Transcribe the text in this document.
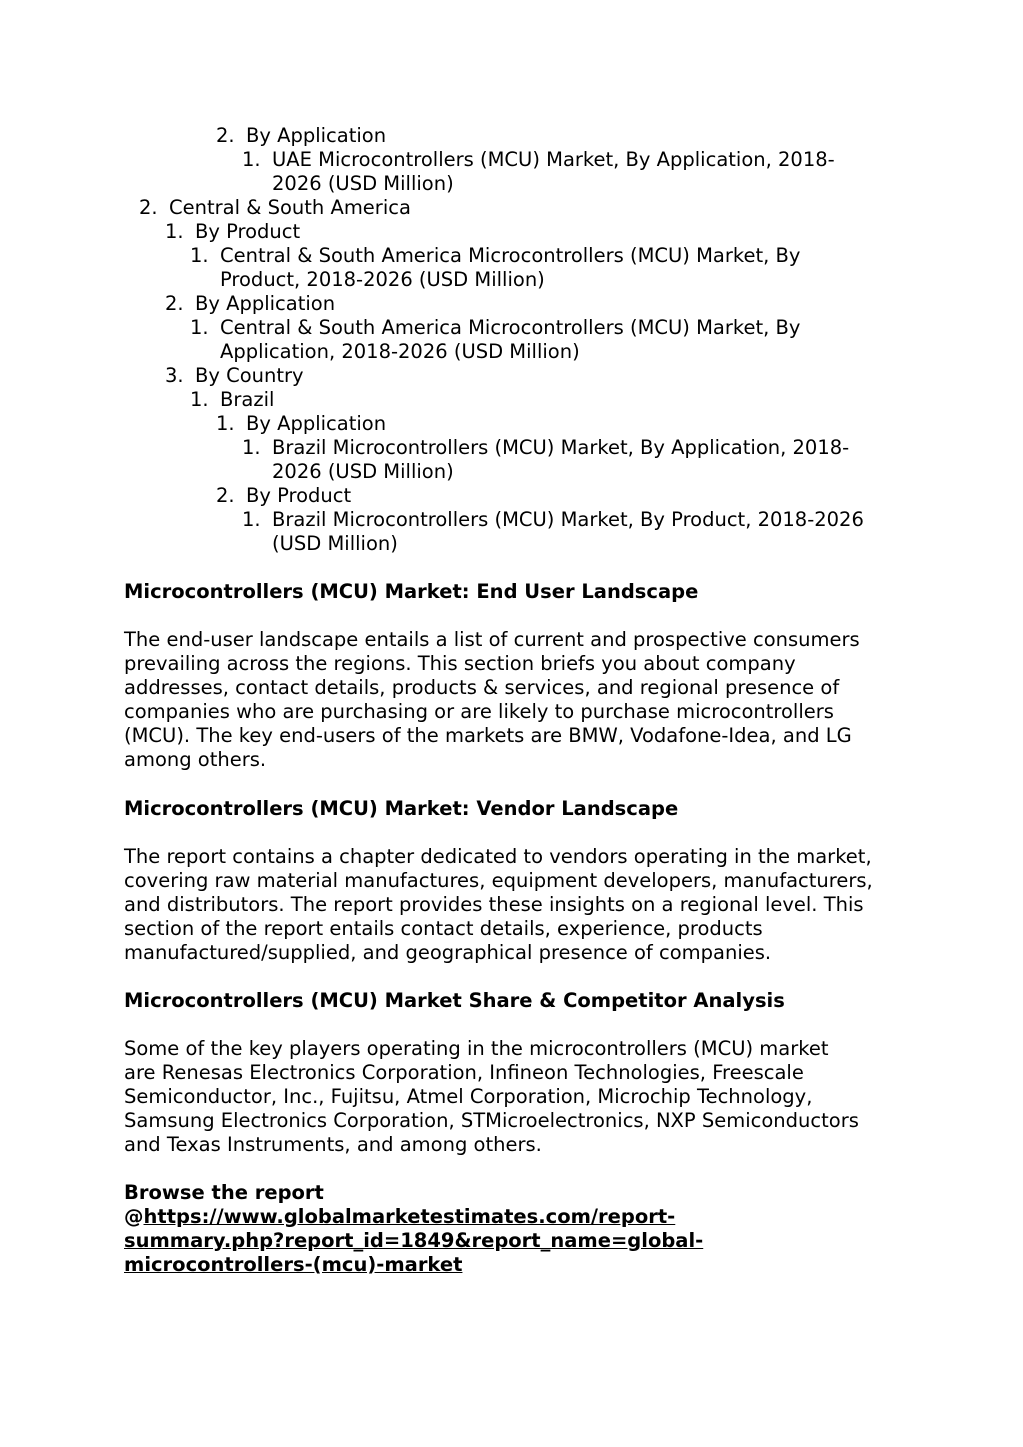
2. By Application
1. UAE Microcontrollers (MCU) Market, By Application, 2018-
2026 (USD Million)
2. Central & South America
1. By Product
1. Central & South America Microcontrollers (MCU) Market, By
Product, 2018-2026 (USD Million)
2. By Application
1. Central & South America Microcontrollers (MCU) Market, By
Application, 2018-2026 (USD Million)
3. By Country
1. Brazil
1. By Application
1. Brazil Microcontrollers (MCU) Market, By Application, 2018-
2026 (USD Million)
2. By Product
1. Brazil Microcontrollers (MCU) Market, By Product, 2018-2026
(USD Million)
Microcontrollers (MCU) Market: End User Landscape
The end-user landscape entails a list of current and prospective consumers
prevailing across the regions. This section briefs you about company
addresses, contact details, products & services, and regional presence of
companies who are purchasing or are likely to purchase microcontrollers
(MCU). The key end-users of the markets are BMW, Vodafone-Idea, and LG
among others.
Microcontrollers (MCU) Market: Vendor Landscape
The report contains a chapter dedicated to vendors operating in the market,
covering raw material manufactures, equipment developers, manufacturers,
and distributors. The report provides these insights on a regional level. This
section of the report entails contact details, experience, products
manufactured/supplied, and geographical presence of companies.
Microcontrollers (MCU) Market Share & Competitor Analysis
Some of the key players operating in the microcontrollers (MCU) market
are Renesas Electronics Corporation, Infineon Technologies, Freescale
Semiconductor, Inc., Fujitsu, Atmel Corporation, Microchip Technology,
Samsung Electronics Corporation, STMicroelectronics, NXP Semiconductors
and Texas Instruments, and among others.
Browse the report
@https://www.globalmarketestimates.com/report-
summary.php?report_id=1849&report_name=global-
microcontrollers-(mcu)-market
